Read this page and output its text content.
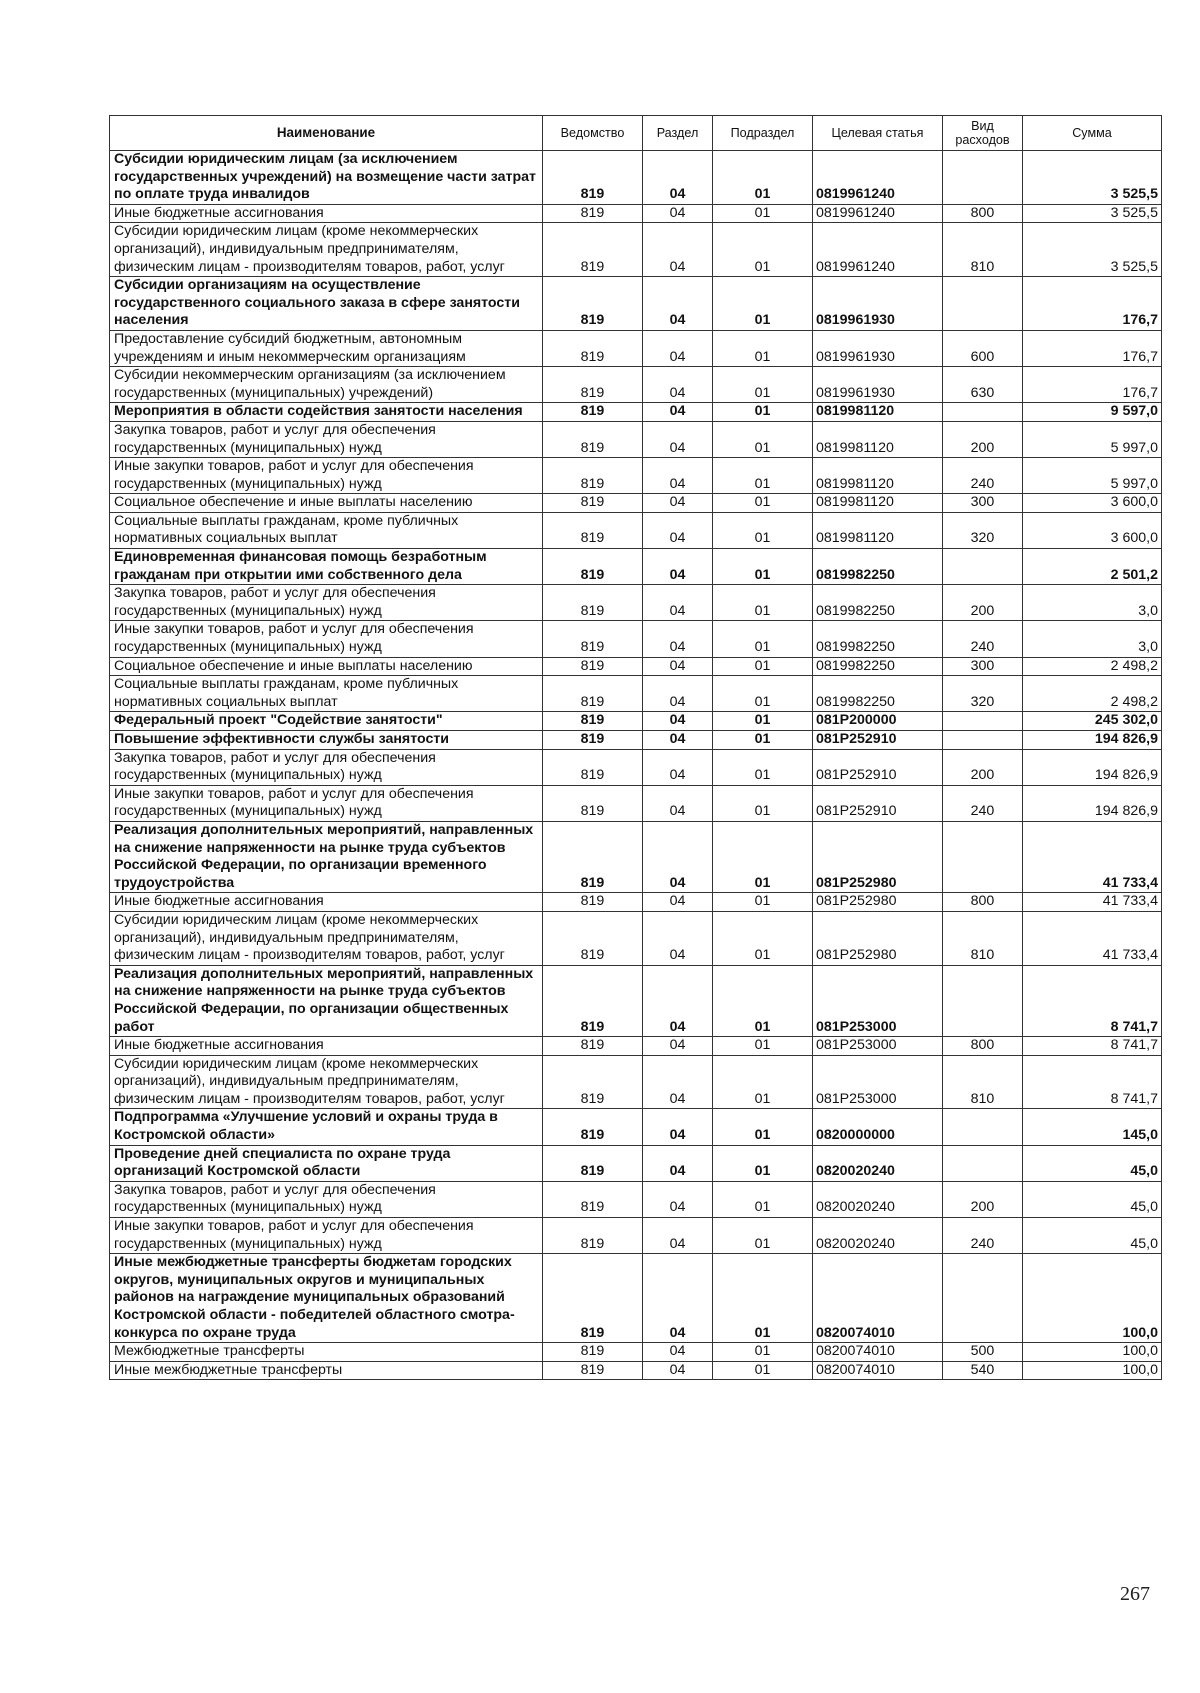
Наименование	Ведомство	Раздел	Подраздел	Целевая статья	Вид расходов	Сумма
Субсидии юридическим лицам (за исключением государственных учреждений) на возмещение части затрат по оплате труда инвалидов	819	04	01	0819961240		3 525,5
Иные бюджетные ассигнования	819	04	01	0819961240	800	3 525,5
Субсидии юридическим лицам (кроме некоммерческих организаций), индивидуальным предпринимателям, физическим лицам - производителям товаров, работ, услуг	819	04	01	0819961240	810	3 525,5
Субсидии организациям на осуществление государственного социального заказа в сфере занятости населения	819	04	01	0819961930		176,7
Предоставление субсидий бюджетным, автономным учреждениям и иным некоммерческим организациям	819	04	01	0819961930	600	176,7
Субсидии некоммерческим организациям (за исключением государственных (муниципальных) учреждений)	819	04	01	0819961930	630	176,7
Мероприятия в области содействия занятости населения	819	04	01	0819981120		9 597,0
Закупка товаров, работ и услуг для обеспечения государственных (муниципальных) нужд	819	04	01	0819981120	200	5 997,0
Иные закупки товаров, работ и услуг для обеспечения государственных (муниципальных) нужд	819	04	01	0819981120	240	5 997,0
Социальное обеспечение и иные выплаты населению	819	04	01	0819981120	300	3 600,0
Социальные выплаты гражданам, кроме публичных нормативных социальных выплат	819	04	01	0819981120	320	3 600,0
Единовременная финансовая помощь безработным гражданам при открытии ими собственного дела	819	04	01	0819982250		2 501,2
Закупка товаров, работ и услуг для обеспечения государственных (муниципальных) нужд	819	04	01	0819982250	200	3,0
Иные закупки товаров, работ и услуг для обеспечения государственных (муниципальных) нужд	819	04	01	0819982250	240	3,0
Социальное обеспечение и иные выплаты населению	819	04	01	0819982250	300	2 498,2
Социальные выплаты гражданам, кроме публичных нормативных социальных выплат	819	04	01	0819982250	320	2 498,2
Федеральный проект "Содействие занятости"	819	04	01	081P200000		245 302,0
Повышение эффективности службы занятости	819	04	01	081P252910		194 826,9
Закупка товаров, работ и услуг для обеспечения государственных (муниципальных) нужд	819	04	01	081P252910	200	194 826,9
Иные закупки товаров, работ и услуг для обеспечения государственных (муниципальных) нужд	819	04	01	081P252910	240	194 826,9
Реализация дополнительных мероприятий, направленных на снижение напряженности на рынке труда субъектов Российской Федерации, по организации временного трудоустройства	819	04	01	081P252980		41 733,4
Иные бюджетные ассигнования	819	04	01	081P252980	800	41 733,4
Субсидии юридическим лицам (кроме некоммерческих организаций), индивидуальным предпринимателям, физическим лицам - производителям товаров, работ, услуг	819	04	01	081P252980	810	41 733,4
Реализация дополнительных мероприятий, направленных на снижение напряженности на рынке труда субъектов Российской Федерации, по организации общественных работ	819	04	01	081P253000		8 741,7
Иные бюджетные ассигнования	819	04	01	081P253000	800	8 741,7
Субсидии юридическим лицам (кроме некоммерческих организаций), индивидуальным предпринимателям, физическим лицам - производителям товаров, работ, услуг	819	04	01	081P253000	810	8 741,7
Подпрограмма «Улучшение условий и охраны труда в Костромской области»	819	04	01	0820000000		145,0
Проведение дней специалиста по охране труда организаций Костромской области	819	04	01	0820020240		45,0
Закупка товаров, работ и услуг для обеспечения государственных (муниципальных) нужд	819	04	01	0820020240	200	45,0
Иные закупки товаров, работ и услуг для обеспечения государственных (муниципальных) нужд	819	04	01	0820020240	240	45,0
Иные межбюджетные трансферты бюджетам городских округов, муниципальных округов и муниципальных районов на награждение муниципальных образований Костромской области - победителей областного смотра-конкурса по охране труда	819	04	01	0820074010		100,0
Межбюджетные трансферты	819	04	01	0820074010	500	100,0
Иные межбюджетные трансферты	819	04	01	0820074010	540	100,0
267
